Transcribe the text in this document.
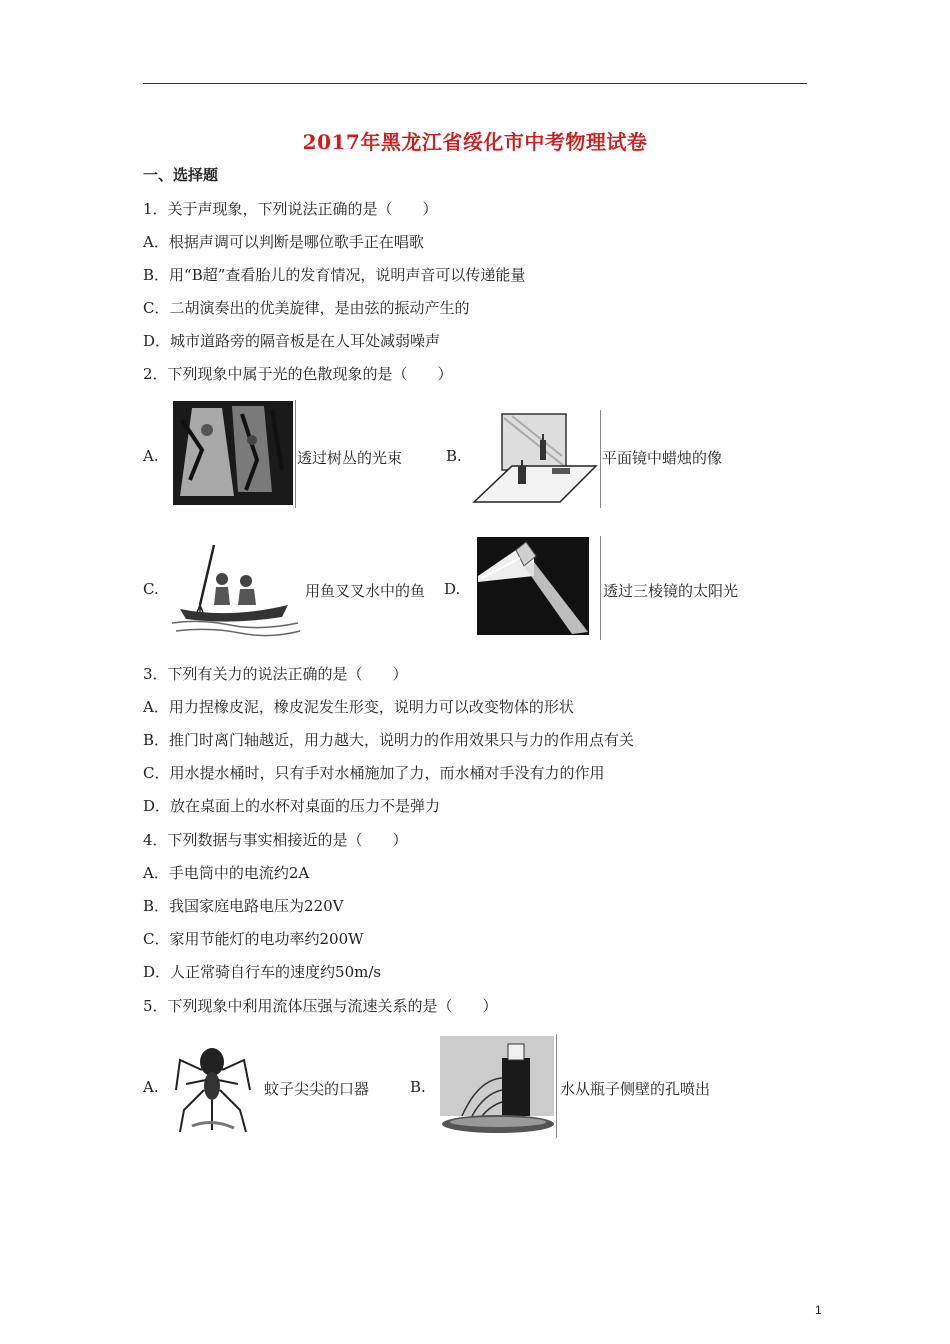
2017年黑龙江省绥化市中考物理试卷
一、选择题
1．关于声现象，下列说法正确的是（　　）
A．根据声调可以判断是哪位歌手正在唱歌
B．用“B超”查看胎儿的发育情况，说明声音可以传递能量
C．二胡演奏出的优美旋律，是由弦的振动产生的
D．城市道路旁的隔音板是在人耳处减弱噪声
2．下列现象中属于光的色散现象的是（　　）
A.	透过树丛的光束	B.	平面镜中蜡烛的像
C.	用鱼叉叉水中的鱼 D.	透过三棱镜的太阳光
3．下列有关力的说法正确的是（　　）
A．用力捏橡皮泥，橡皮泥发生形变，说明力可以改变物体的形状
B．推门时离门轴越近，用力越大，说明力的作用效果只与力的作用点有关
C．用水提水桶时，只有手对水桶施加了力，而水桶对手没有力的作用
D．放在桌面上的水杯对桌面的压力不是弹力
4．下列数据与事实相接近的是（　　）
A．手电筒中的电流约2A
B．我国家庭电路电压为220V
C．家用节能灯的电功率约200W
D．人正常骑自行车的速度约50m/s
5．下列现象中利用流体压强与流速关系的是（　　）
A.	蚊子尖尖的口器	B.	水从瓶子侧壁的孔喷出
1
